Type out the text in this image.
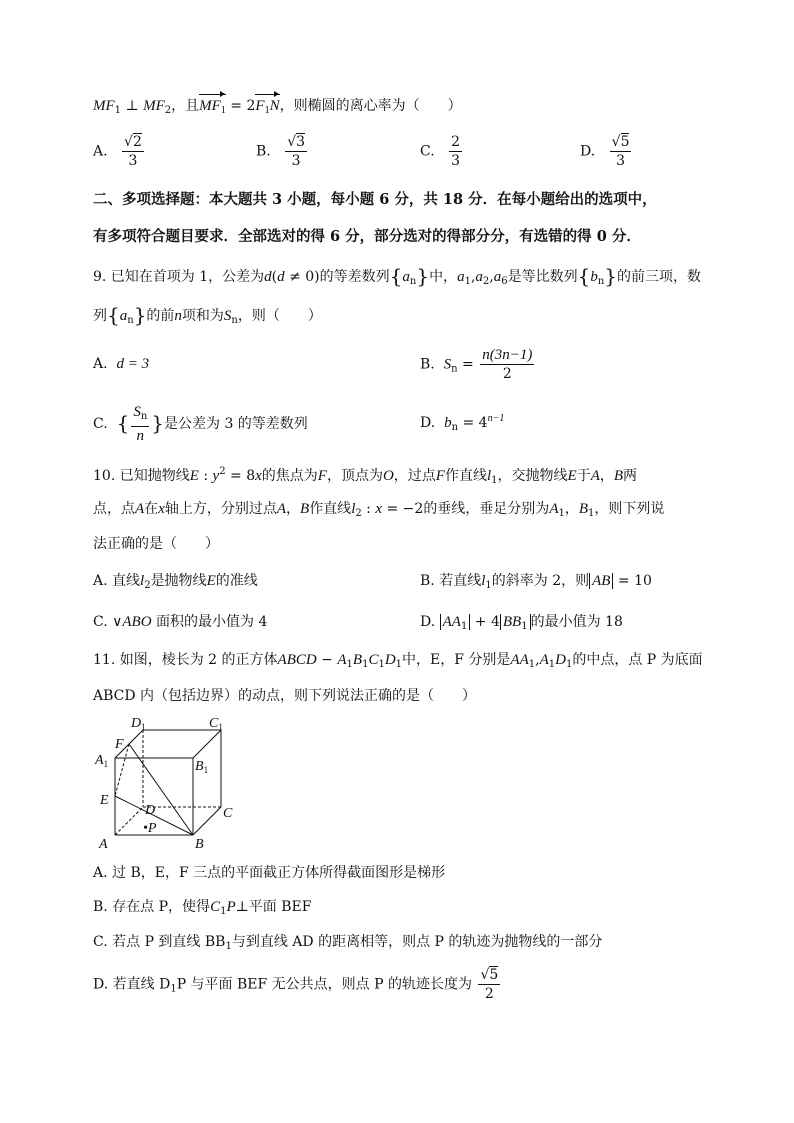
$MF_1$ ⊥ $MF_2$，且$MF_1 = 2F_1N$，则椭圆的离心率为（　　）
A. $\frac{√2}{3}$	B. $\frac{√3}{3}$	C. $\frac{2}{3}$	D. $\frac{√5}{3}$
二、多项选择题：本大题共 3 小题，每小题 6 分，共 18 分．在每小题给出的选项中，
有多项符合题目要求．全部选对的得 6 分，部分选对的得部分分，有选错的得 0 分．
9. 已知在首项为 1，公差为d(d ≠ 0)的等差数列$\{a_n\}$中，$a_1,a_2,a_6$是等比数列$\{b_n\}$的前三项，数
列$\{a_n\}$的前n项和为$S_n$，则（　　）
A. d = 3	B. $S_n = \frac{n(3n-1)}{2}$
C. { $\frac{S_n}{n}$ }是公差为 3 的等差数列	D. $b_n = 4^{n-1}$
10. 已知抛物线E : $y^2 = 8x$的焦点为F，顶点为O，过点F作直线$l_1$，交抛物线E于A，B两
点，点A在x轴上方，分别过点A，B作直线$l_2$ : x = −2的垂线，垂足分别为$A_1$，$B_1$，则下列说
法正确的是（　　）
A. 直线$l_2$是抛物线E的准线	B. 若直线$l_1$的斜率为 2，则 AB = 10
C. ∨ABO 面积的最小值为 4	D. $AA_1 + 4$ $BB_1$ 的最小值为 18
11. 如图，棱长为 2 的正方体ABCD − $A_1B_1C_1D_1$中，E，F 分别是$AA_1,A_1D_1$的中点，点 P 为底面
ABCD 内（包括边界）的动点，则下列说法正确的是（　　）
$D_1$	$C_1$
$A_1$	$B_1$
F
E
D	C
A	B
•P
A. 过 B，E，F 三点的平面截正方体所得截面图形是梯形
B. 存在点 P，使得$C_1P\perp$平面 BEF
C. 若点 P 到直线 $BB_1$与到直线 AD 的距离相等，则点 P 的轨迹为抛物线的一部分
D. 若直线 $D_1P$ 与平面 BEF 无公共点，则点 P 的轨迹长度为 $\frac{√5}{2}$
